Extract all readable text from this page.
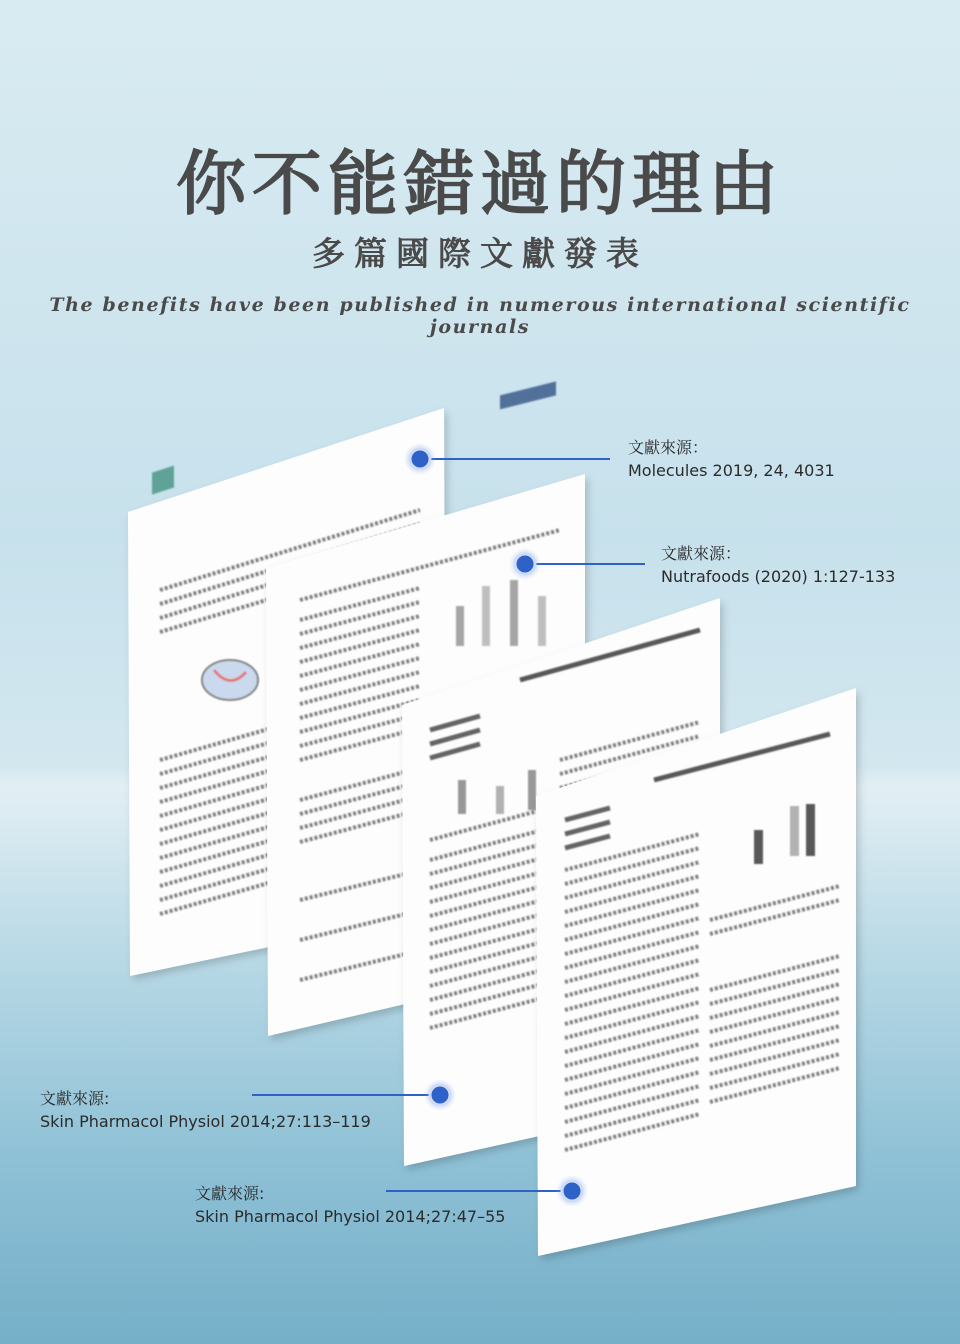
你不能錯過的理由
多篇國際文獻發表

The benefits have been published in numerous international scientific journals

文獻來源：
Molecules 2019, 24, 4031
文獻來源：
Nutrafoods (2020) 1:127-133
文獻來源:
Skin Pharmacol Physiol 2014;27:113–119
文獻來源:
Skin Pharmacol Physiol 2014;27:47–55
